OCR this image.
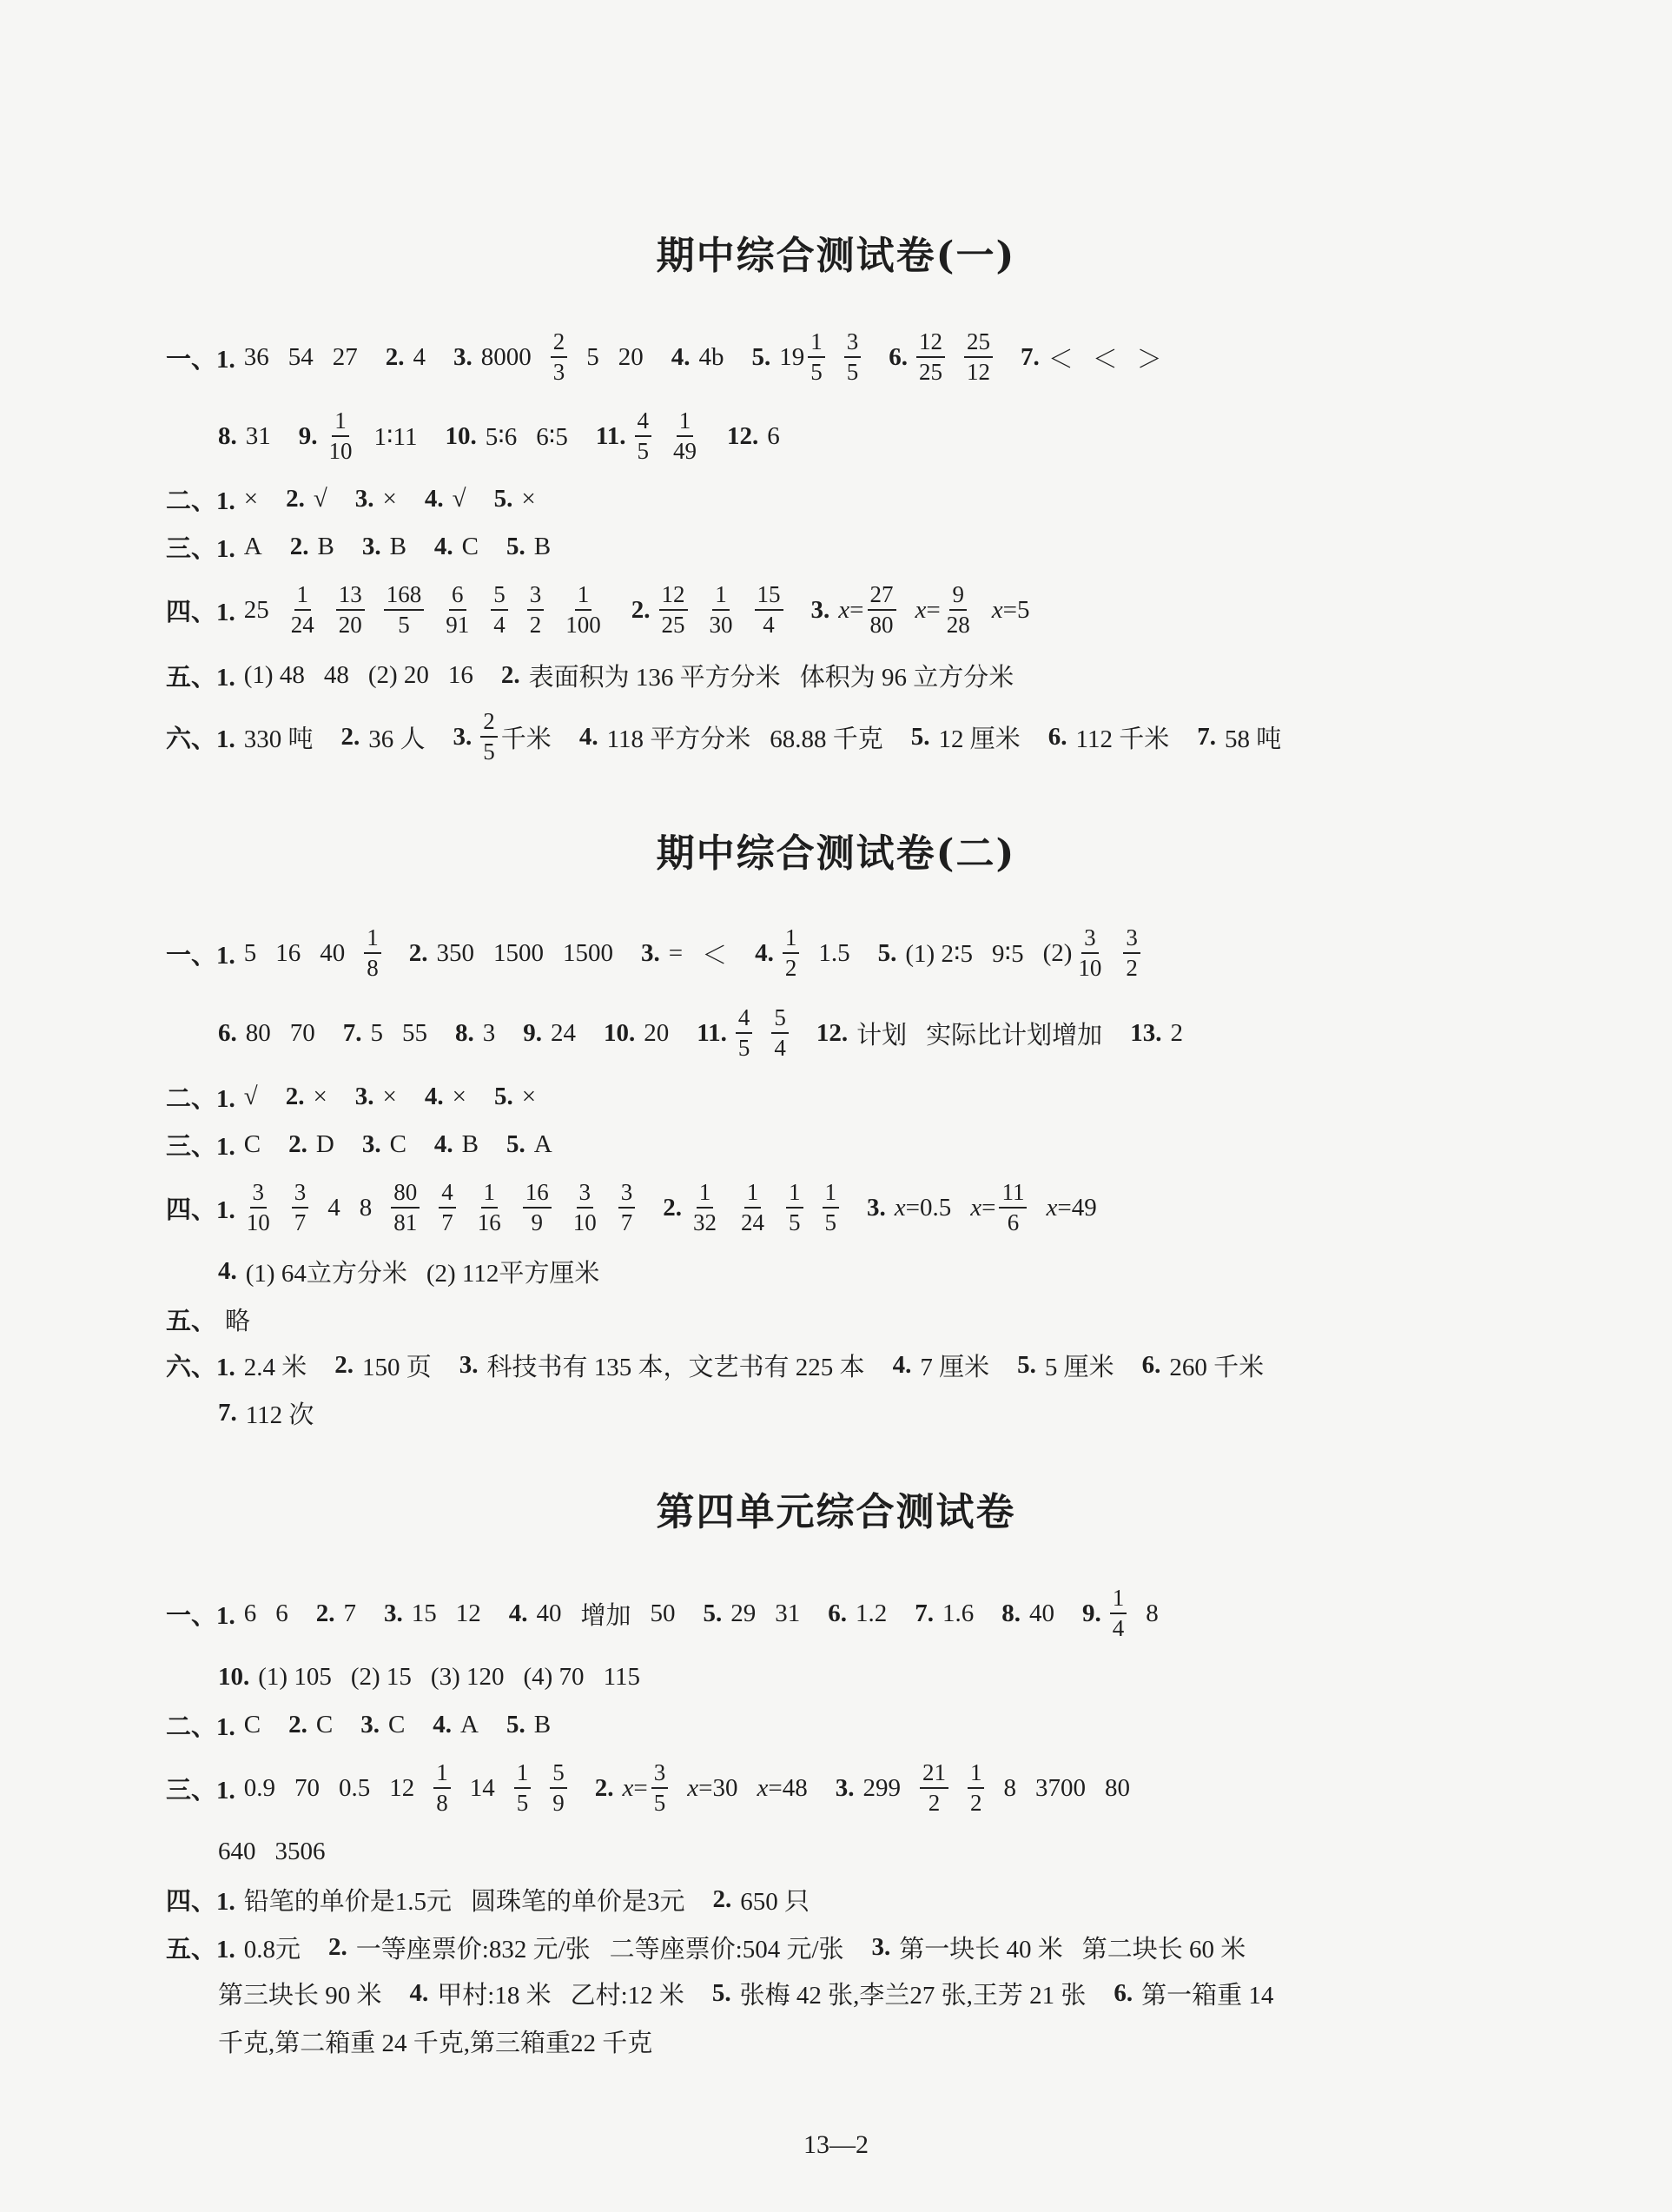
期中综合测试卷(一)
一、1. 36 54 27 2. 4 3. $8000 \frac{2}{3} 5$ 20 4. 4b 5. $19 \frac{1}{5} \frac{3}{5} 6$. $\frac{12}{25} \frac{25}{12} 7$. ＜ ＜ ＞
8. 31 9. $\frac{1}{10}$ 1∶11 10. 5∶6 6∶5 11. $\frac{4}{5} \frac{1}{49} 12$. 6
二、1. × 2. √ 3. × 4. √ 5. ×
三、1. A 2. B 3. B 4. C 5. B
四、1. $25 \frac{1}{24} \frac{13}{20} \frac{168}{5} \frac{6}{91} \frac{5}{4} \frac{3}{2} \frac{1}{100} 2$. $\frac{12}{25} \frac{1}{30} \frac{15}{4} 3$. $x= \frac{27}{80} x= \frac{9}{28} x=5$
五、1. (1) 48 48 (2) 20 16 2. 表面积为 136 平方分米 体积为 96 立方分米
六、1. 330 吨 2. 36 人 3. $\frac{2}{5}$ 千米 4. 118 平方分米 68.88 千克 5. 12 厘米 6. 112 千米 7. 58 吨
期中综合测试卷(二)
一、1. 5 16 $40 \frac{1}{8} 2$. 350 1500 1500 3. = ＜ 4. $\frac{1}{2} 1.5$ 5. (1) 2∶5 9∶5 $(2) \frac{3}{10} \frac{3}{2}$
6. 80 70 7. 5 55 8. 3 9. 24 10. 20 11. $\frac{4}{5} \frac{5}{4} 12$. 计划 实际比计划增加 13. 2
二、1. √ 2. × 3. × 4. × 5. ×
三、1. C 2. D 3. C 4. B 5. A
四、1. $\frac{3}{10} \frac{3}{7} 4$ $8 \frac{80}{81} \frac{4}{7} \frac{1}{16} \frac{16}{9} \frac{3}{10} \frac{3}{7} 2$. $\frac{1}{32} \frac{1}{24} \frac{1}{5} \frac{1}{5} 3$. x=0.5 $x= \frac{11}{6} x=49$
4. (1) 64立方分米 (2) 112平方厘米
五、 略
六、1. 2.4 米 2. 150 页 3. 科技书有 135 本，文艺书有 225 本 4. 7 厘米 5. 5 厘米 6. 260 千米
7. 112 次
第四单元综合测试卷
一、1. 6 6 2. 7 3. 15 12 4. 40 增加 50 5. 29 31 6. 1.2 7. 1.6 8. 40 9. $\frac{1}{4} 8$
10. (1) 105 (2) 15 (3) 120 (4) 70 115
二、1. C 2. C 3. C 4. A 5. B
三、1. 0.9 70 0.5 $12 \frac{1}{8} 14 \frac{1}{5} \frac{5}{9} 2$. $x= \frac{3}{5} x=30$ x=48 3. $299 \frac{21}{2} \frac{1}{2} 8$ 3700 80
640 3506
四、1. 铅笔的单价是1.5元 圆珠笔的单价是3元 2. 650 只
五、1. 0.8元 2. 一等座票价:832 元/张 二等座票价:504 元/张 3. 第一块长 40 米 第二块长 60 米
第三块长 90 米 4. 甲村:18 米 乙村:12 米 5. 张梅 42 张,李兰27 张,王芳 21 张 6. 第一箱重 14
千克,第二箱重 24 千克,第三箱重22 千克
13—2
